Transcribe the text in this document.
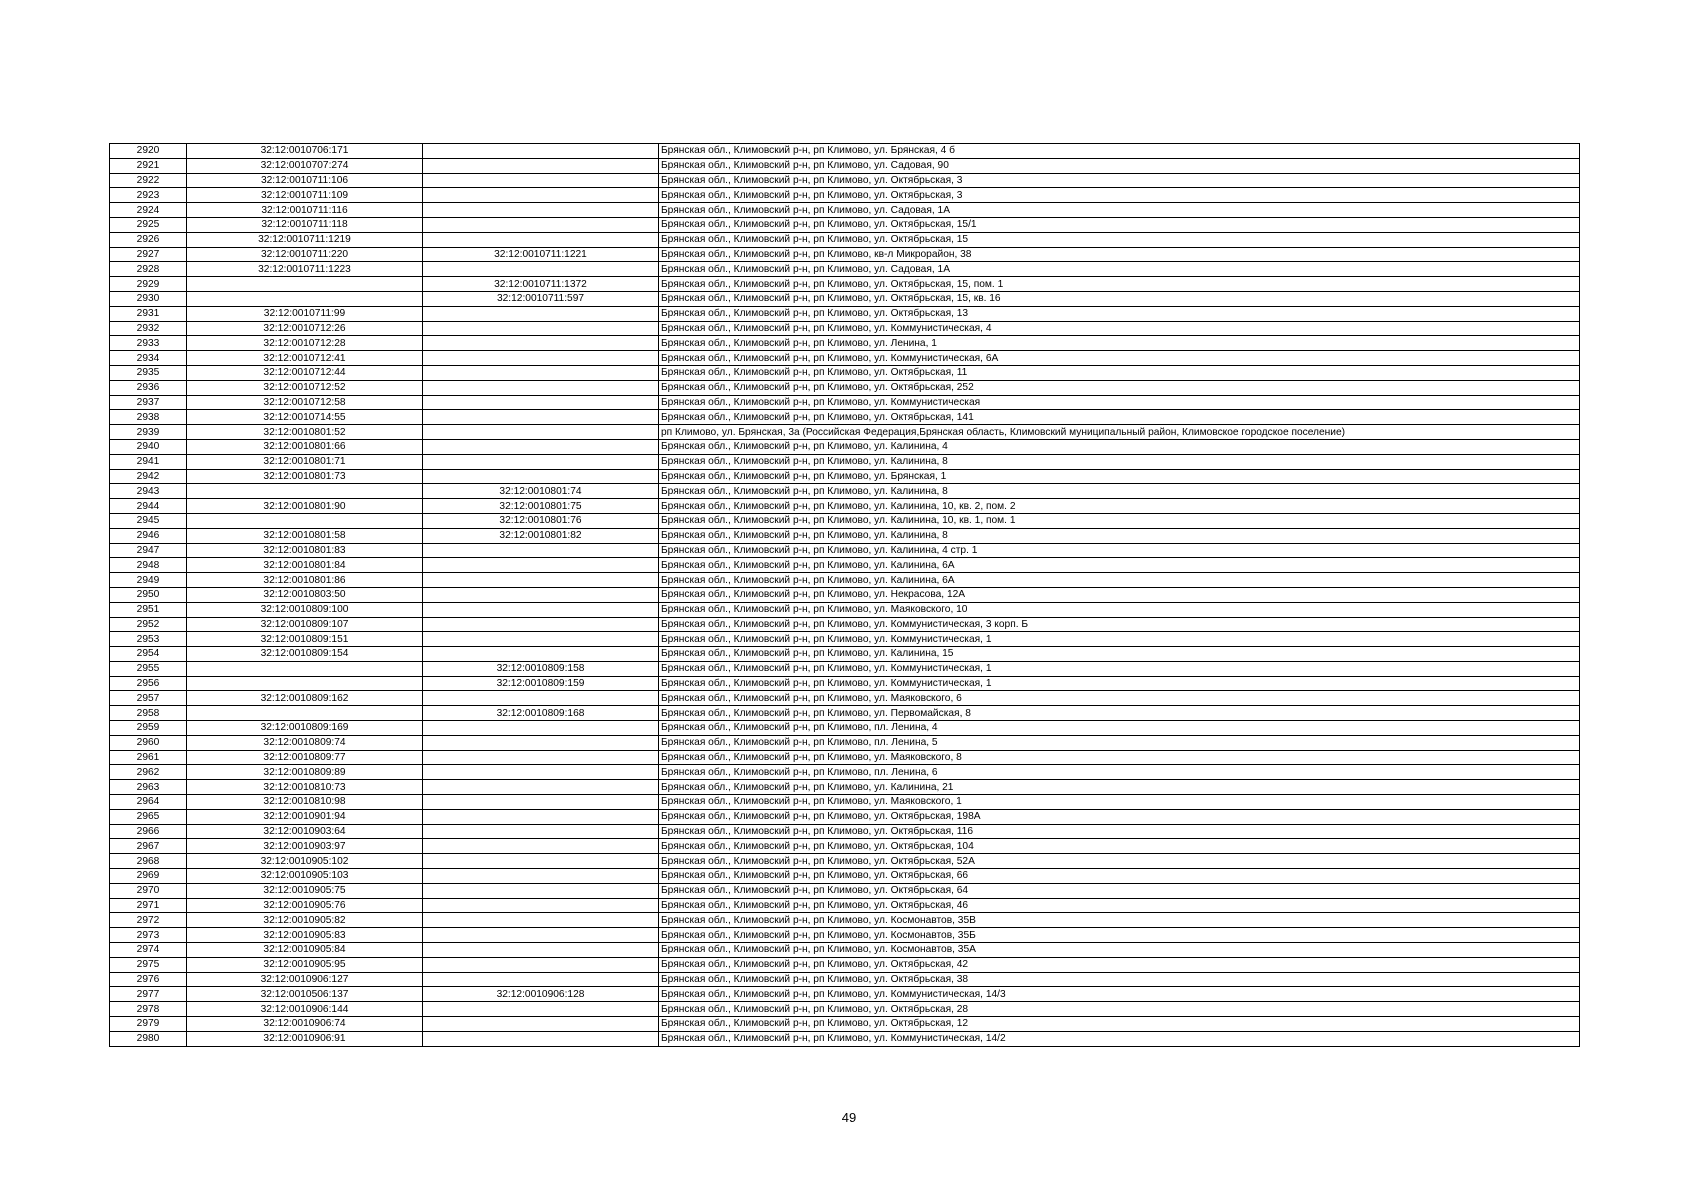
2920	32:12:0010706:171		Брянская обл., Климовский р-н, рп Климово, ул. Брянская, 4 б
2921	32:12:0010707:274		Брянская обл., Климовский р-н, рп Климово, ул. Садовая, 90
2922	32:12:0010711:106		Брянская обл., Климовский р-н, рп Климово, ул. Октябрьская, 3
2923	32:12:0010711:109		Брянская обл., Климовский р-н, рп Климово, ул. Октябрьская, 3
2924	32:12:0010711:116		Брянская обл., Климовский р-н, рп Климово, ул. Садовая, 1А
2925	32:12:0010711:118		Брянская обл., Климовский р-н, рп Климово, ул. Октябрьская, 15/1
2926	32:12:0010711:1219		Брянская обл., Климовский р-н, рп Климово, ул. Октябрьская, 15
2927	32:12:0010711:220	32:12:0010711:1221	Брянская обл., Климовский р-н, рп Климово, кв-л Микрорайон, 38
2928	32:12:0010711:1223		Брянская обл., Климовский р-н, рп Климово, ул. Садовая, 1А
2929		32:12:0010711:1372	Брянская обл., Климовский р-н, рп Климово, ул. Октябрьская, 15, пом. 1
2930		32:12:0010711:597	Брянская обл., Климовский р-н, рп Климово, ул. Октябрьская, 15, кв. 16
2931	32:12:0010711:99		Брянская обл., Климовский р-н, рп Климово, ул. Октябрьская, 13
2932	32:12:0010712:26		Брянская обл., Климовский р-н, рп Климово, ул. Коммунистическая, 4
2933	32:12:0010712:28		Брянская обл., Климовский р-н, рп Климово, ул. Ленина, 1
2934	32:12:0010712:41		Брянская обл., Климовский р-н, рп Климово, ул. Коммунистическая, 6А
2935	32:12:0010712:44		Брянская обл., Климовский р-н, рп Климово, ул. Октябрьская, 11
2936	32:12:0010712:52		Брянская обл., Климовский р-н, рп Климово, ул. Октябрьская, 252
2937	32:12:0010712:58		Брянская обл., Климовский р-н, рп Климово, ул. Коммунистическая
2938	32:12:0010714:55		Брянская обл., Климовский р-н, рп Климово, ул. Октябрьская, 141
2939	32:12:0010801:52		рп Климово, ул. Брянская, 3а (Российская Федерация,Брянская область, Климовский муниципальный район, Климовское городское поселение)
2940	32:12:0010801:66		Брянская обл., Климовский р-н, рп Климово, ул. Калинина, 4
2941	32:12:0010801:71		Брянская обл., Климовский р-н, рп Климово, ул. Калинина, 8
2942	32:12:0010801:73		Брянская обл., Климовский р-н, рп Климово, ул. Брянская, 1
2943		32:12:0010801:74	Брянская обл., Климовский р-н, рп Климово, ул. Калинина, 8
2944	32:12:0010801:90	32:12:0010801:75	Брянская обл., Климовский р-н, рп Климово, ул. Калинина, 10, кв. 2, пом. 2
2945		32:12:0010801:76	Брянская обл., Климовский р-н, рп Климово, ул. Калинина, 10, кв. 1, пом. 1
2946	32:12:0010801:58	32:12:0010801:82	Брянская обл., Климовский р-н, рп Климово, ул. Калинина, 8
2947	32:12:0010801:83		Брянская обл., Климовский р-н, рп Климово, ул. Калинина, 4 стр. 1
2948	32:12:0010801:84		Брянская обл., Климовский р-н, рп Климово, ул. Калинина, 6А
2949	32:12:0010801:86		Брянская обл., Климовский р-н, рп Климово, ул. Калинина, 6А
2950	32:12:0010803:50		Брянская обл., Климовский р-н, рп Климово, ул. Некрасова, 12А
2951	32:12:0010809:100		Брянская обл., Климовский р-н, рп Климово, ул. Маяковского, 10
2952	32:12:0010809:107		Брянская обл., Климовский р-н, рп Климово, ул. Коммунистическая, 3 корп. Б
2953	32:12:0010809:151		Брянская обл., Климовский р-н, рп Климово, ул. Коммунистическая, 1
2954	32:12:0010809:154		Брянская обл., Климовский р-н, рп Климово, ул. Калинина, 15
2955		32:12:0010809:158	Брянская обл., Климовский р-н, рп Климово, ул. Коммунистическая, 1
2956		32:12:0010809:159	Брянская обл., Климовский р-н, рп Климово, ул. Коммунистическая, 1
2957	32:12:0010809:162		Брянская обл., Климовский р-н, рп Климово, ул. Маяковского, 6
2958		32:12:0010809:168	Брянская обл., Климовский р-н, рп Климово, ул. Первомайская, 8
2959	32:12:0010809:169		Брянская обл., Климовский р-н, рп Климово, пл. Ленина, 4
2960	32:12:0010809:74		Брянская обл., Климовский р-н, рп Климово, пл. Ленина, 5
2961	32:12:0010809:77		Брянская обл., Климовский р-н, рп Климово, ул. Маяковского, 8
2962	32:12:0010809:89		Брянская обл., Климовский р-н, рп Климово, пл. Ленина, 6
2963	32:12:0010810:73		Брянская обл., Климовский р-н, рп Климово, ул. Калинина, 21
2964	32:12:0010810:98		Брянская обл., Климовский р-н, рп Климово, ул. Маяковского, 1
2965	32:12:0010901:94		Брянская обл., Климовский р-н, рп Климово, ул. Октябрьская, 198А
2966	32:12:0010903:64		Брянская обл., Климовский р-н, рп Климово, ул. Октябрьская, 116
2967	32:12:0010903:97		Брянская обл., Климовский р-н, рп Климово, ул. Октябрьская, 104
2968	32:12:0010905:102		Брянская обл., Климовский р-н, рп Климово, ул. Октябрьская, 52А
2969	32:12:0010905:103		Брянская обл., Климовский р-н, рп Климово, ул. Октябрьская, 66
2970	32:12:0010905:75		Брянская обл., Климовский р-н, рп Климово, ул. Октябрьская, 64
2971	32:12:0010905:76		Брянская обл., Климовский р-н, рп Климово, ул. Октябрьская, 46
2972	32:12:0010905:82		Брянская обл., Климовский р-н, рп Климово, ул. Космонавтов, 35В
2973	32:12:0010905:83		Брянская обл., Климовский р-н, рп Климово, ул. Космонавтов, 35Б
2974	32:12:0010905:84		Брянская обл., Климовский р-н, рп Климово, ул. Космонавтов, 35А
2975	32:12:0010905:95		Брянская обл., Климовский р-н, рп Климово, ул. Октябрьская, 42
2976	32:12:0010906:127		Брянская обл., Климовский р-н, рп Климово, ул. Октябрьская, 38
2977	32:12:0010506:137	32:12:0010906:128	Брянская обл., Климовский р-н, рп Климово, ул. Коммунистическая, 14/3
2978	32:12:0010906:144		Брянская обл., Климовский р-н, рп Климово, ул. Октябрьская, 28
2979	32:12:0010906:74		Брянская обл., Климовский р-н, рп Климово, ул. Октябрьская, 12
2980	32:12:0010906:91		Брянская обл., Климовский р-н, рп Климово, ул. Коммунистическая, 14/2
49
